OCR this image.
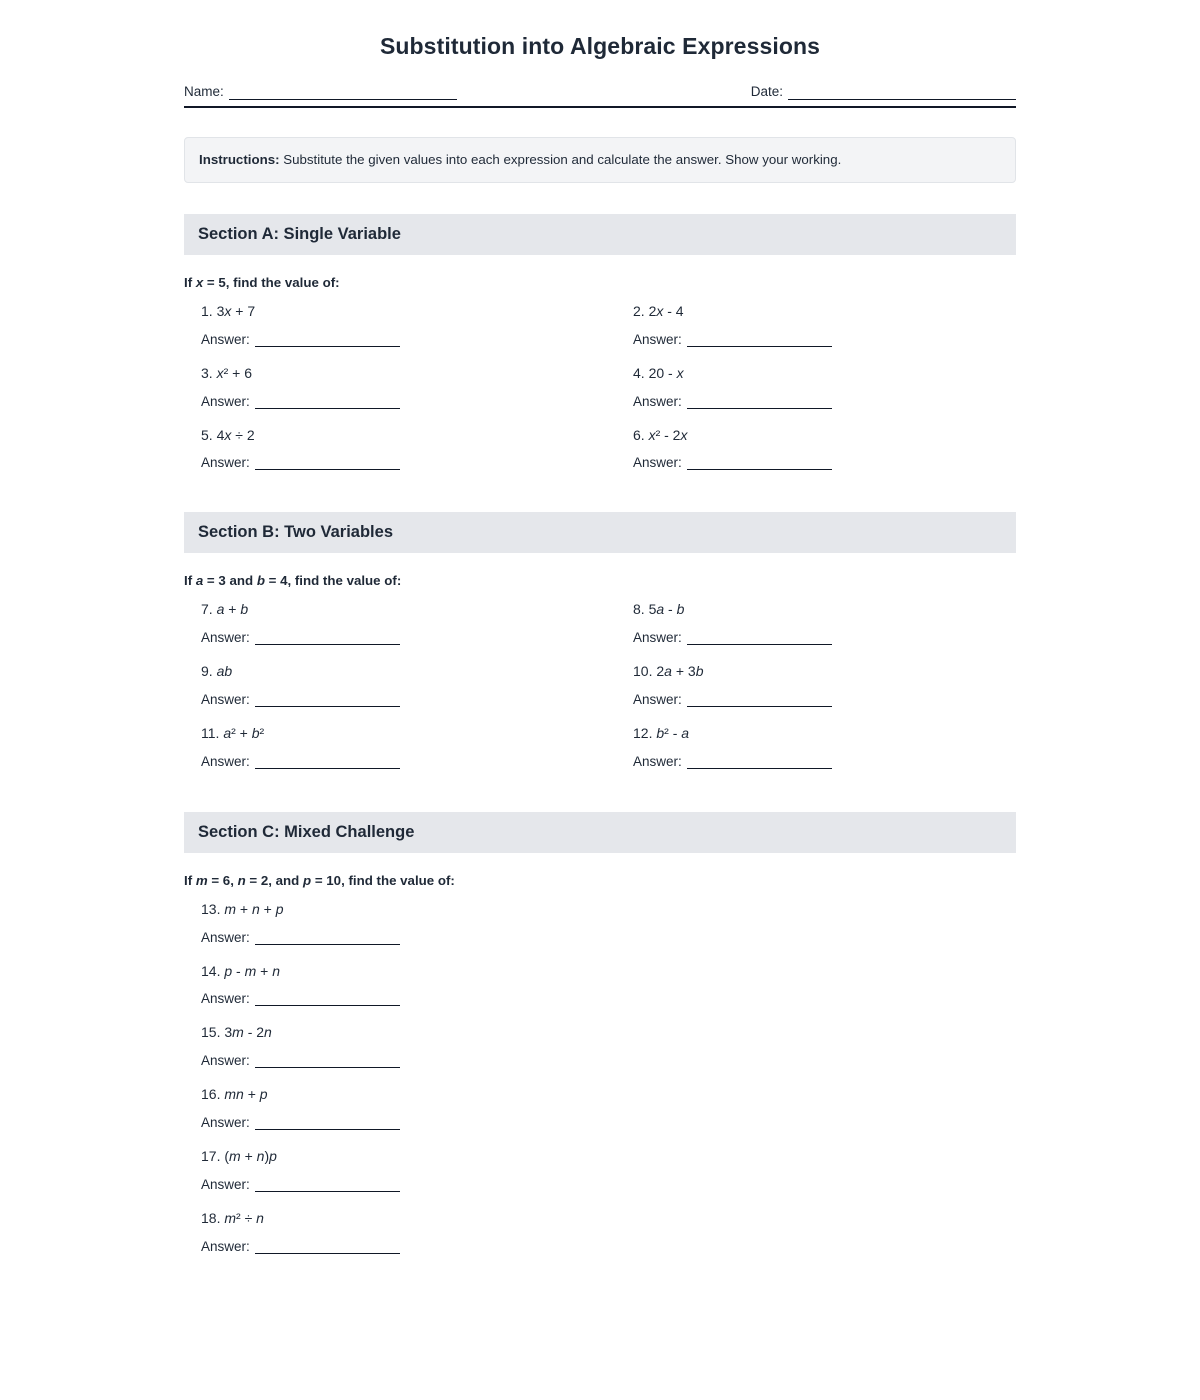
Substitution into Algebraic Expressions
Name:	Date:
Instructions: Substitute the given values into each expression and calculate the answer. Show your working.
Section A: Single Variable
If x = 5, find the value of:
1. 3x + 7
Answer:
2. 2x - 4
Answer:
3. x² + 6
Answer:
4. 20 - x
Answer:
5. 4x ÷ 2
Answer:
6. x² - 2x
Answer:
Section B: Two Variables
If a = 3 and b = 4, find the value of:
7. a + b
Answer:
8. 5a - b
Answer:
9. ab
Answer:
10. 2a + 3b
Answer:
11. a² + b²
Answer:
12. b² - a
Answer:
Section C: Mixed Challenge
If m = 6, n = 2, and p = 10, find the value of:
13. m + n + p
Answer:
14. p - m + n
Answer:
15. 3m - 2n
Answer:
16. mn + p
Answer:
17. (m + n)p
Answer:
18. m² ÷ n
Answer:
